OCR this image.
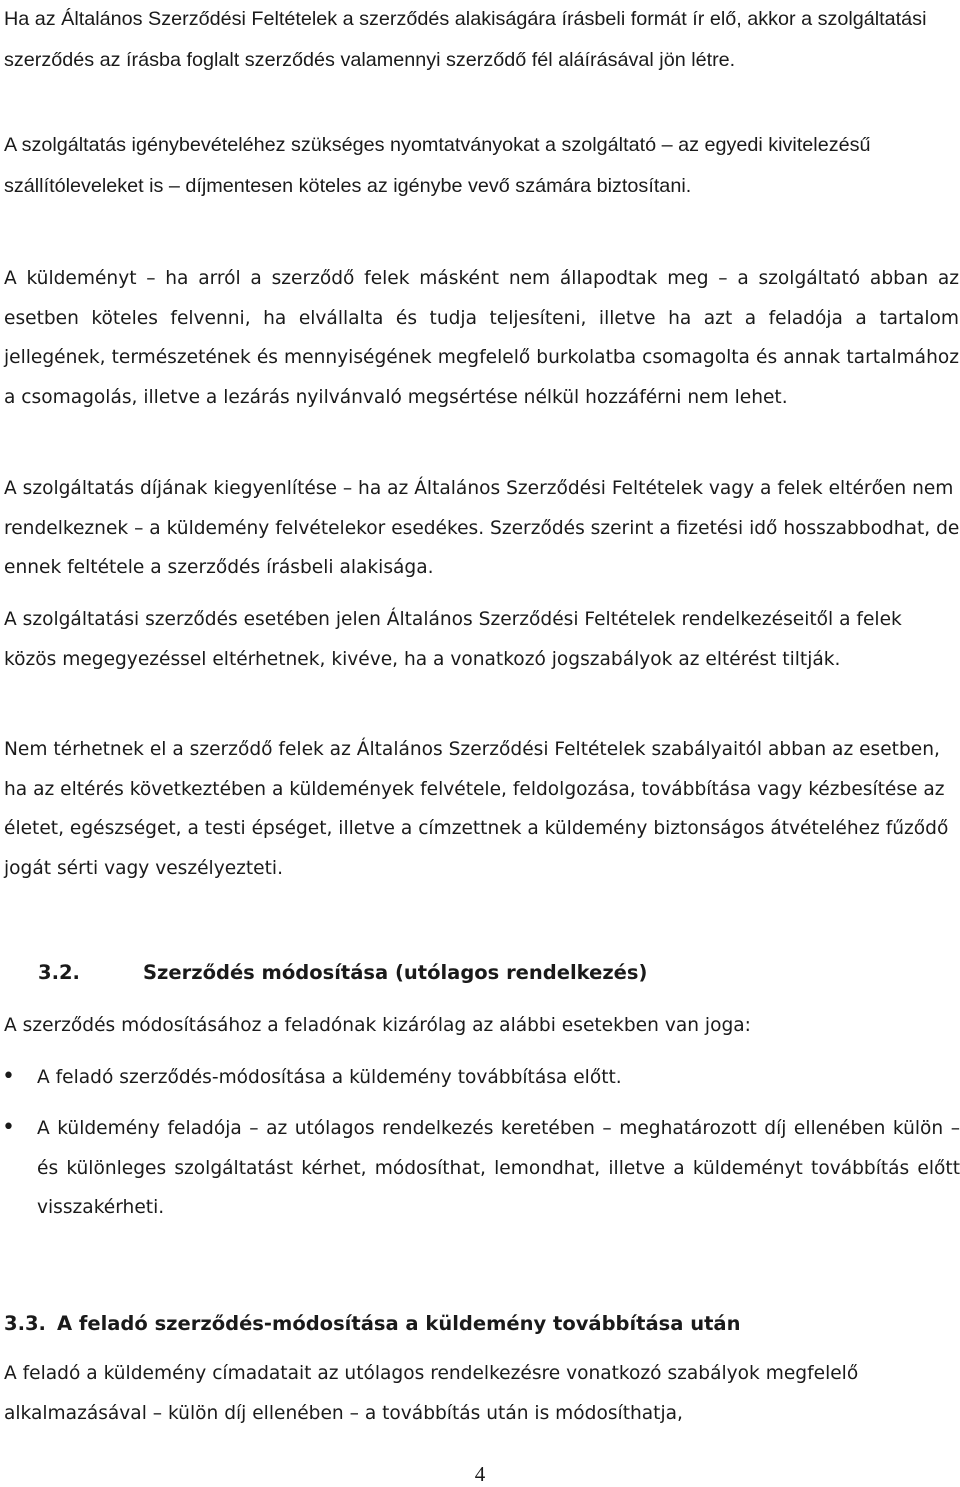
Ha az Általános Szerződési Feltételek a szerződés alakiságára írásbeli formát ír elő, akkor a szolgáltatási szerződés az írásba foglalt szerződés valamennyi szerződő fél aláírásával jön létre.

A szolgáltatás igénybevételéhez szükséges nyomtatványokat a szolgáltató – az egyedi kivitelezésű szállítóleveleket is – díjmentesen köteles az igénybe vevő számára biztosítani.

A küldeményt – ha arról a szerződő felek másként nem állapodtak meg – a szolgáltató abban az esetben köteles felvenni, ha elvállalta és tudja teljesíteni, illetve ha azt a feladója a tartalom jellegének, természetének és mennyiségének megfelelő burkolatba csomagolta és annak tartalmához a csomagolás, illetve a lezárás nyilvánvaló megsértése nélkül hozzáférni nem lehet.

A szolgáltatás díjának kiegyenlítése – ha az Általános Szerződési Feltételek vagy a felek eltérően nem rendelkeznek – a küldemény felvételekor esedékes. Szerződés szerint a fizetési idő hosszabbodhat, de ennek feltétele a szerződés írásbeli alakisága.

A szolgáltatási szerződés esetében jelen Általános Szerződési Feltételek rendelkezéseitől a felek közös megegyezéssel eltérhetnek, kivéve, ha a vonatkozó jogszabályok az eltérést tiltják.

Nem térhetnek el a szerződő felek az Általános Szerződési Feltételek szabályaitól abban az esetben, ha az eltérés következtében a küldemények felvétele, feldolgozása, továbbítása vagy kézbesítése az életet, egészséget, a testi épséget, illetve a címzettnek a küldemény biztonságos átvételéhez fűződő jogát sérti vagy veszélyezteti.

3.2.	Szerződés módosítása (utólagos rendelkezés)

A szerződés módosításához a feladónak kizárólag az alábbi esetekben van joga:

• A feladó szerződés-módosítása a küldemény továbbítása előtt.

• A küldemény feladója – az utólagos rendelkezés keretében – meghatározott díj ellenében külön – és különleges szolgáltatást kérhet, módosíthat, lemondhat, illetve a küldeményt továbbítás előtt visszakérheti.

3.3. A feladó szerződés-módosítása a küldemény továbbítása után

A feladó a küldemény címadatait az utólagos rendelkezésre vonatkozó szabályok megfelelő alkalmazásával – külön díj ellenében – a továbbítás után is módosíthatja,

4
